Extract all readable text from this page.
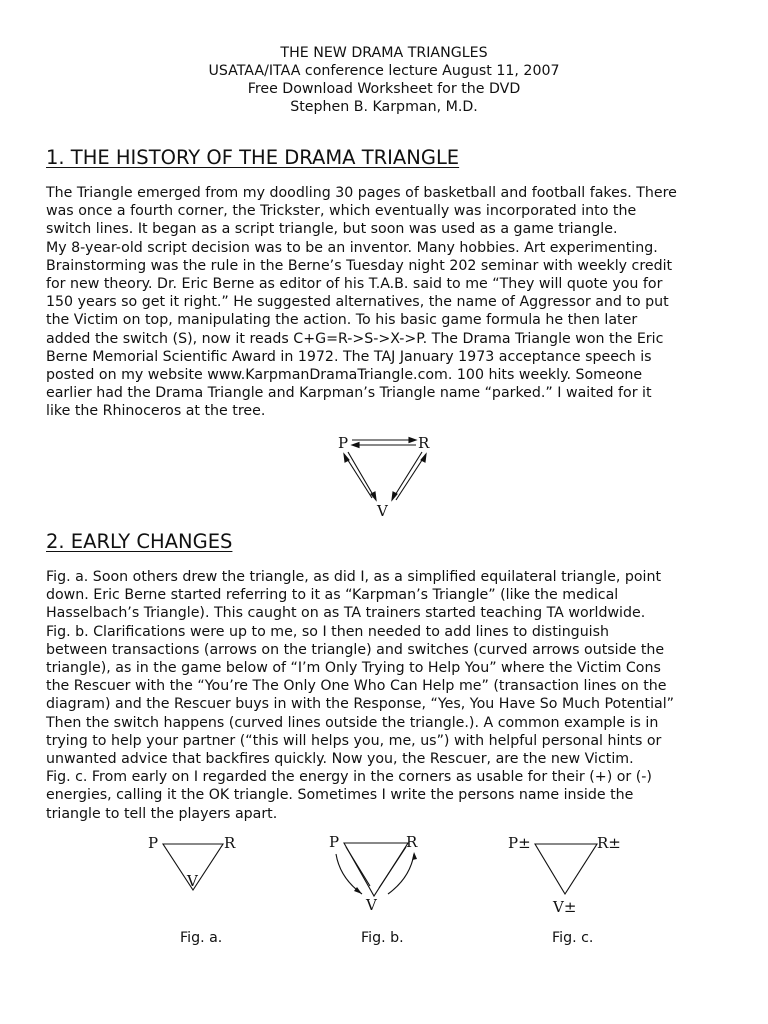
THE NEW DRAMA TRIANGLES
USATAA/ITAA conference lecture August 11, 2007
Free Download Worksheet for the DVD
Stephen B. Karpman, M.D.
1. THE HISTORY OF THE DRAMA TRIANGLE
The Triangle emerged from my doodling 30 pages of basketball and football fakes. There
was once a fourth corner, the Trickster, which eventually was incorporated into the
switch lines. It began as a script triangle, but soon was used as a game triangle.
My 8-year-old script decision was to be an inventor. Many hobbies. Art experimenting.
Brainstorming was the rule in the Berne’s Tuesday night 202 seminar with weekly credit
for new theory. Dr. Eric Berne as editor of his T.A.B. said to me “They will quote you for
150 years so get it right.” He suggested alternatives, the name of Aggressor and to put
the Victim on top, manipulating the action. To his basic game formula he then later
added the switch (S), now it reads C+G=R->S->X->P. The Drama Triangle won the Eric
Berne Memorial Scientific Award in 1972. The TAJ January 1973 acceptance speech is
posted on my website www.KarpmanDramaTriangle.com. 100 hits weekly. Someone
earlier had the Drama Triangle and Karpman’s Triangle name “parked.” I waited for it
like the Rhinoceros at the tree.
P	R
V
2. EARLY CHANGES
Fig. a. Soon others drew the triangle, as did I, as a simplified equilateral triangle, point
down. Eric Berne started referring to it as “Karpman’s Triangle” (like the medical
Hasselbach’s Triangle). This caught on as TA trainers started teaching TA worldwide.
Fig. b. Clarifications were up to me, so I then needed to add lines to distinguish
between transactions (arrows on the triangle) and switches (curved arrows outside the
triangle), as in the game below of “I’m Only Trying to Help You” where the Victim Cons
the Rescuer with the “You’re The Only One Who Can Help me” (transaction lines on the
diagram) and the Rescuer buys in with the Response, “Yes, You Have So Much Potential”
Then the switch happens (curved lines outside the triangle.). A common example is in
trying to help your partner (“this will helps you, me, us”) with helpful personal hints or
unwanted advice that backfires quickly. Now you, the Rescuer, are the new Victim.
Fig. c. From early on I regarded the energy in the corners as usable for their (+) or (-)
energies, calling it the OK triangle. Sometimes I write the persons name inside the
triangle to tell the players apart.
P	R
V
P	R
V
P±	R±
V±
Fig. a.	Fig. b.	Fig. c.
